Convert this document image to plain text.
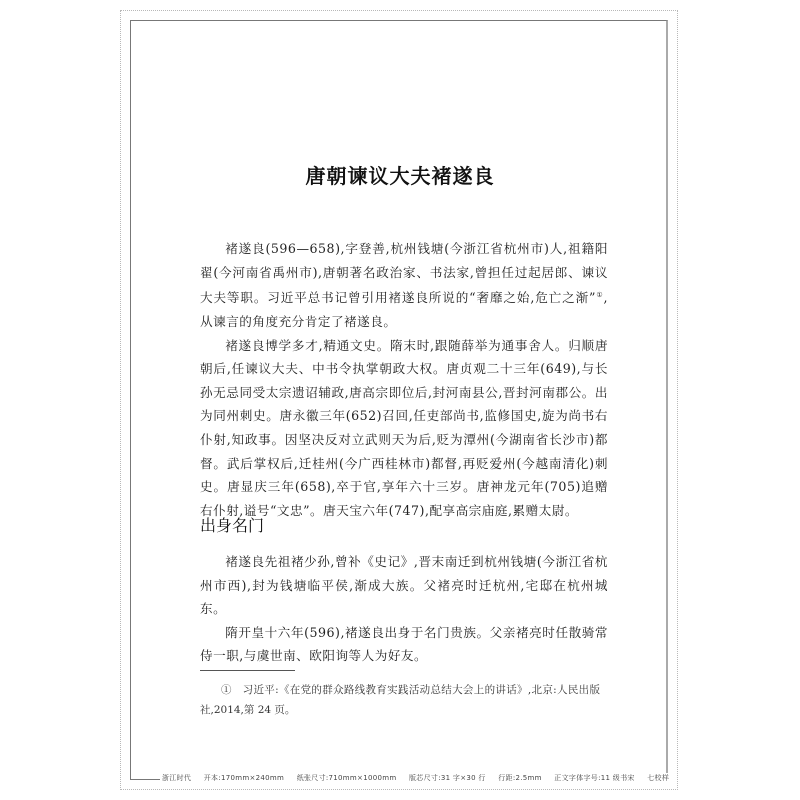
唐朝谏议大夫褚遂良

褚遂良(596—658),字登善,杭州钱塘(今浙江省杭州市)人,祖籍阳翟(今河南省禹州市),唐朝著名政治家、书法家,曾担任过起居郎、谏议大夫等职。习近平总书记曾引用褚遂良所说的“奢靡之始,危亡之渐”①,从谏言的角度充分肯定了褚遂良。

褚遂良博学多才,精通文史。隋末时,跟随薛举为通事舍人。归顺唐朝后,任谏议大夫、中书令执掌朝政大权。唐贞观二十三年(649),与长孙无忌同受太宗遗诏辅政,唐高宗即位后,封河南县公,晋封河南郡公。出为同州刺史。唐永徽三年(652)召回,任吏部尚书,监修国史,旋为尚书右仆射,知政事。因坚决反对立武则天为后,贬为潭州(今湖南省长沙市)都督。武后掌权后,迁桂州(今广西桂林市)都督,再贬爱州(今越南清化)刺史。唐显庆三年(658),卒于官,享年六十三岁。唐神龙元年(705)追赠右仆射,谥号“文忠”。唐天宝六年(747),配享高宗庙庭,累赠太尉。

出身名门

褚遂良先祖褚少孙,曾补《史记》,晋末南迁到杭州钱塘(今浙江省杭州市西),封为钱塘临平侯,渐成大族。父褚亮时迁杭州,宅邸在杭州城东。

隋开皇十六年(596),褚遂良出身于名门贵族。父亲褚亮时任散骑常侍一职,与虞世南、欧阳询等人为好友。

①　习近平:《在党的群众路线教育实践活动总结大会上的讲话》,北京:人民出版社,2014,第 24 页。

浙江时代 开本:170mm×240mm 纸张尺寸:710mm×1000mm 版芯尺寸:31 字×30 行 行距:2.5mm 正文字体字号:11 级书宋 七校样
